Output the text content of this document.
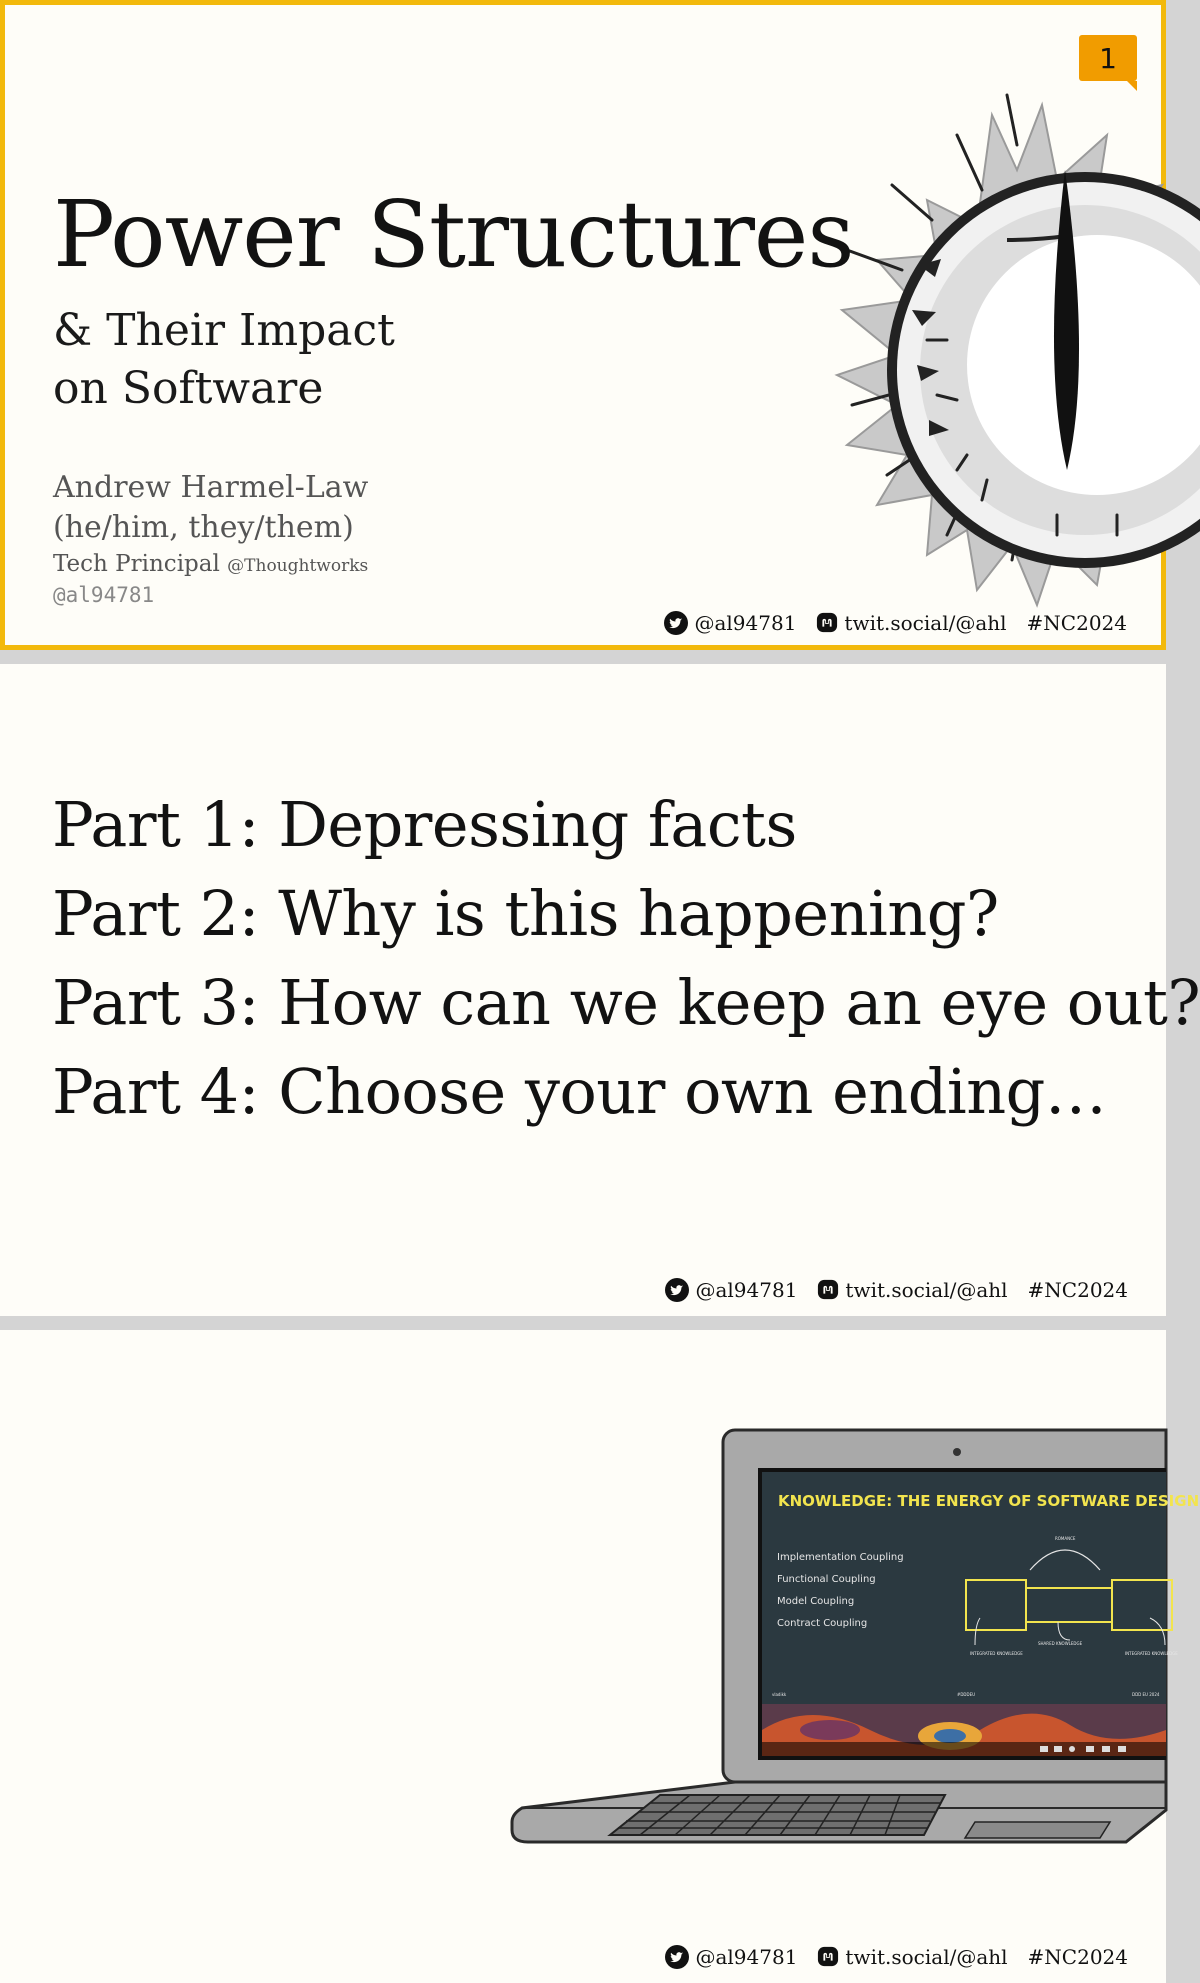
1
Power Structures
& Their Impact
on Software
Andrew Harmel-Law
(he/him, they/them)
Tech Principal @Thoughtworks
@al94781
@al94781 twit.social/@ahl #NC2024
Part 1: Depressing facts
Part 2: Why is this happening?
Part 3: How can we keep an eye out?
Part 4: Choose your own ending…
@al94781 twit.social/@ahl #NC2024
KNOWLEDGE: THE ENERGY OF SOFTWARE DESIGN
Implementation Coupling
Functional Coupling
Model Coupling
Contract Coupling
ROMANCE
SHARED KNOWLEDGE
INTEGRATED KNOWLEDGE	INTEGRATED KNOWLEDGE
vladikk	#DDDEU	DDD EU 2024
@al94781 twit.social/@ahl #NC2024
